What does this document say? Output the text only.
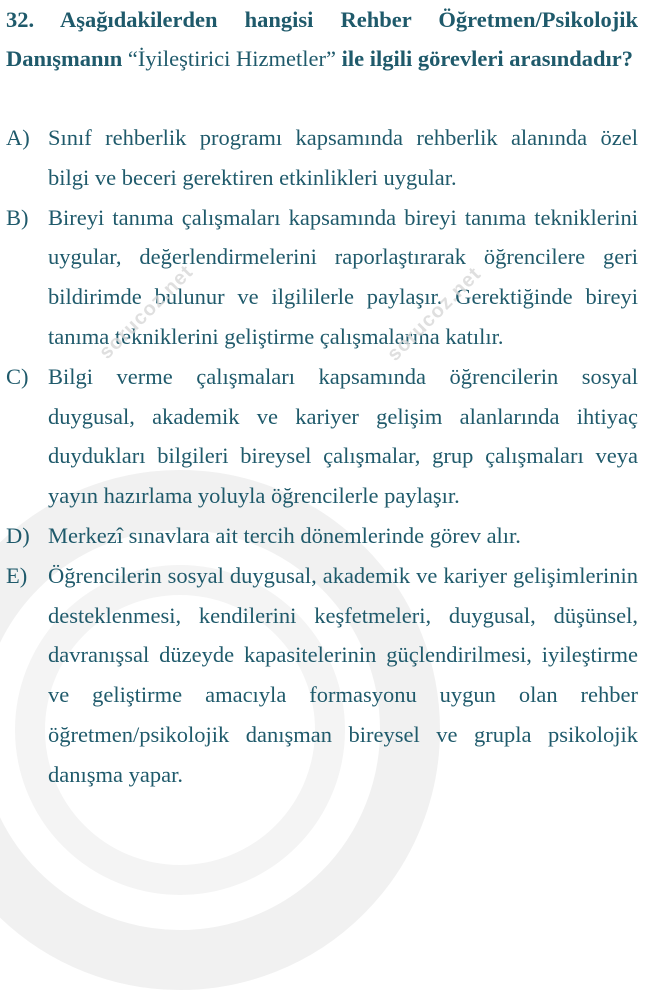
32. Aşağıdakilerden hangisi Rehber Öğretmen/Psikolojik Danışmanın “İyileştirici Hizmetler” ile ilgili görevleri arasındadır?
A) Sınıf rehberlik programı kapsamında rehberlik alanında özel bilgi ve beceri gerektiren etkinlikleri uygular.
B) Bireyi tanıma çalışmaları kapsamında bireyi tanıma tekniklerini uygular, değerlendirmelerini raporlaştırarak öğrencilere geri bildirimde bulunur ve ilgililerle paylaşır. Gerektiğinde bireyi tanıma tekniklerini geliştirme çalışmalarına katılır.
C) Bilgi verme çalışmaları kapsamında öğrencilerin sosyal duygusal, akademik ve kariyer gelişim alanlarında ihtiyaç duydukları bilgileri bireysel çalışmalar, grup çalışmaları veya yayın hazırlama yoluyla öğrencilerle paylaşır.
D) Merkezî sınavlara ait tercih dönemlerinde görev alır.
E) Öğrencilerin sosyal duygusal, akademik ve kariyer gelişimlerinin desteklenmesi, kendilerini keşfetmeleri, duygusal, düşünsel, davranışsal düzeyde kapasitelerinin güçlendirilmesi, iyileştirme ve geliştirme amacıyla formasyonu uygun olan rehber öğretmen/psikolojik danışman bireysel ve grupla psikolojik danışma yapar.
sorucoz.net	sorucoz.net
